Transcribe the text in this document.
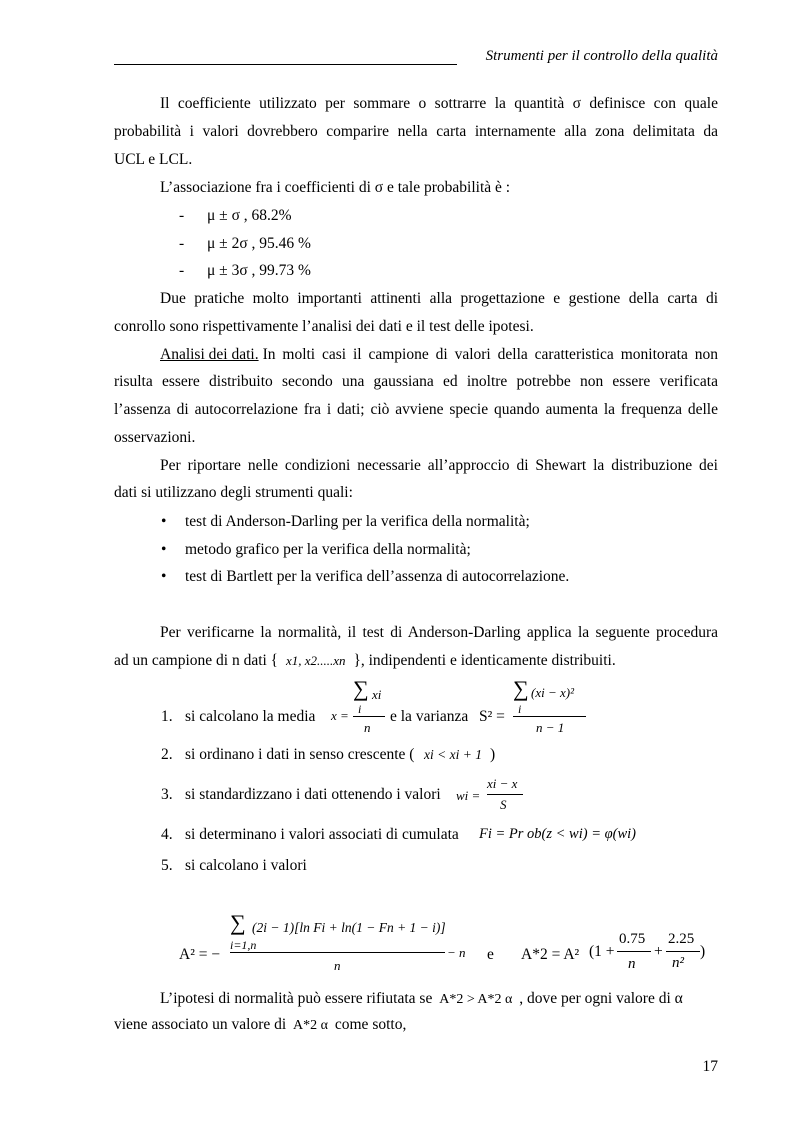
Strumenti per il controllo della qualità
Il coefficiente utilizzato per sommare o sottrarre la quantità σ definisce con quale
probabilità i valori dovrebbero comparire nella carta internamente alla zona delimitata da
UCL e LCL.
L’associazione fra i coefficienti di σ e tale probabilità è :
- μ ± σ , 68.2%
- μ ± 2σ , 95.46 %
- μ ± 3σ , 99.73 %
Due pratiche molto importanti attinenti alla progettazione e gestione della carta di
conrollo sono rispettivamente l’analisi dei dati e il test delle ipotesi.
Analisi dei dati. In molti casi il campione di valori della caratteristica monitorata non
risulta essere distribuito secondo una gaussiana ed inoltre potrebbe non essere verificata
l’assenza di autocorrelazione fra i dati; ciò avviene specie quando aumenta la frequenza delle
osservazioni.
Per riportare nelle condizioni necessarie all’approccio di Shewart la distribuzione dei
dati si utilizzano degli strumenti quali:
• test di Anderson-Darling per la verifica della normalità;
• metodo grafico per la verifica della normalità;
• test di Bartlett per la verifica dell’assenza di autocorrelazione.
Per verificarne la normalità, il test di Anderson-Darling applica la seguente procedura
ad un campione di n dati { x1, x2.....xn }, indipendenti e identicamente distribuiti.
1. si calcolano la media
∑ xi
i
x =
n
e la varianza S² =
∑ (xi − x)²
i
n − 1
2. si ordinano i dati in senso crescente ( xi < xi + 1 )
3. si standardizzano i dati ottenendo i valori wi =
xi − x
S
4. si determinano i valori associati di cumulata Fi = Pr ob(z < wi) = φ(wi)
5. si calcolano i valori
A² = −
∑ (2i − 1)[ln Fi + ln(1 − Fn + 1 − i)]
i=1,n
n
− n e A*2 = A² (1 +
0.75
n
+
2.25
n²
)
L’ipotesi di normalità può essere rifiutata se A*2 > A*2 α , dove per ogni valore di α
viene associato un valore di A*2 α come sotto,
17
